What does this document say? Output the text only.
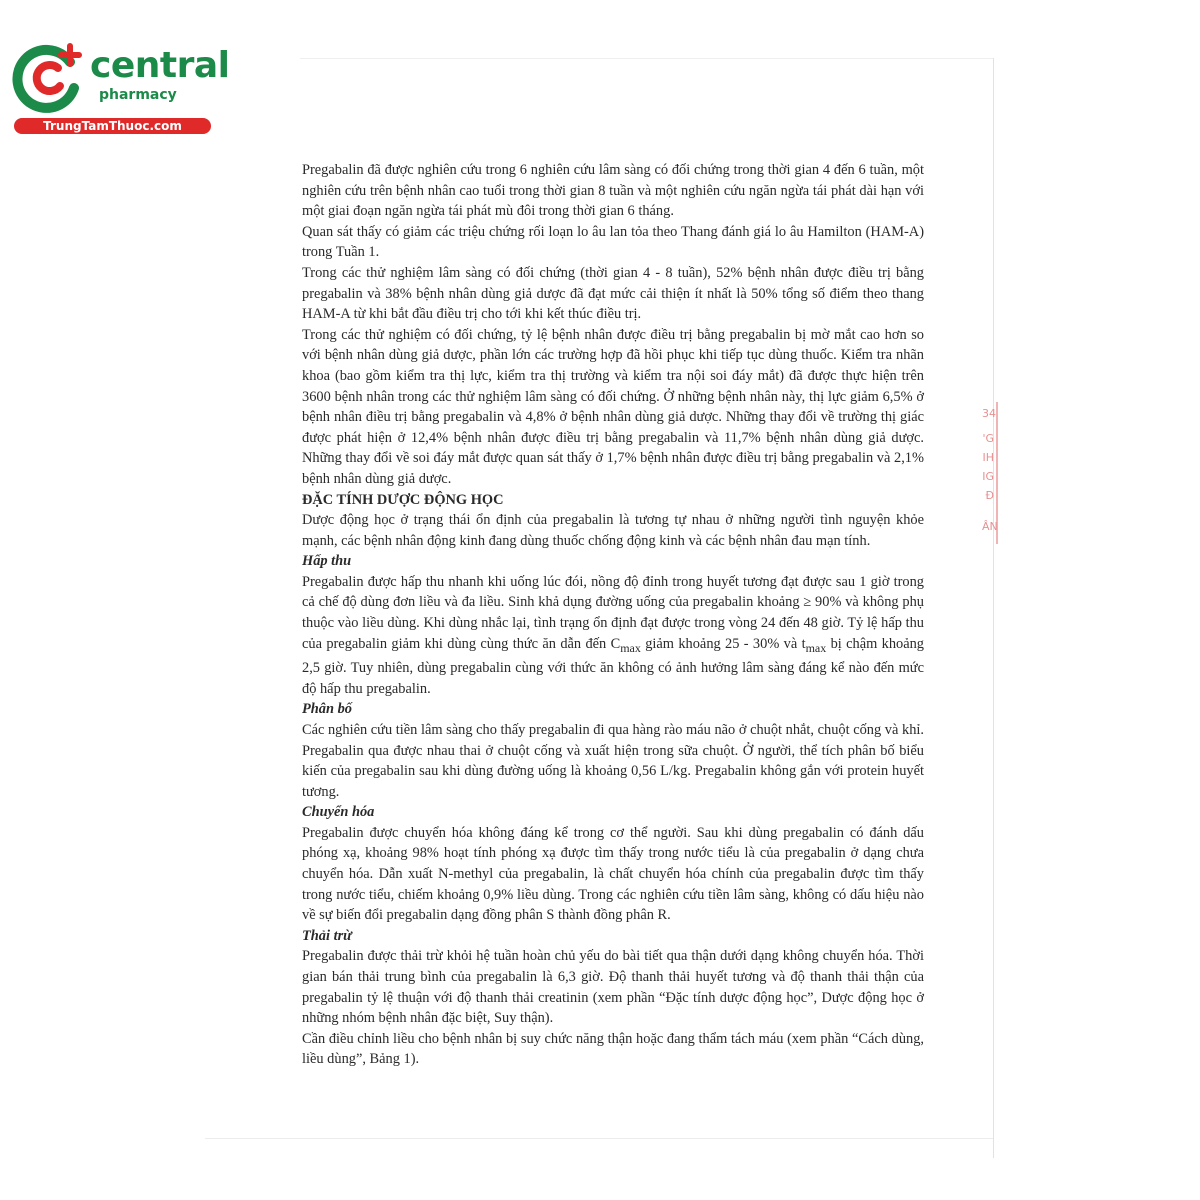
central
pharmacy
TrungTamThuoc.com
34
'G
IH
IG
Đ
ÂN

Pregabalin đã được nghiên cứu trong 6 nghiên cứu lâm sàng có đối chứng trong thời gian 4 đến 6 tuần, một nghiên cứu trên bệnh nhân cao tuổi trong thời gian 8 tuần và một nghiên cứu ngăn ngừa tái phát dài hạn với một giai đoạn ngăn ngừa tái phát mù đôi trong thời gian 6 tháng.

Quan sát thấy có giảm các triệu chứng rối loạn lo âu lan tỏa theo Thang đánh giá lo âu Hamilton (HAM-A) trong Tuần 1.

Trong các thử nghiệm lâm sàng có đối chứng (thời gian 4 - 8 tuần), 52% bệnh nhân được điều trị bằng pregabalin và 38% bệnh nhân dùng giả dược đã đạt mức cải thiện ít nhất là 50% tổng số điểm theo thang HAM-A từ khi bắt đầu điều trị cho tới khi kết thúc điều trị.

Trong các thử nghiệm có đối chứng, tỷ lệ bệnh nhân được điều trị bằng pregabalin bị mờ mắt cao hơn so với bệnh nhân dùng giả dược, phần lớn các trường hợp đã hồi phục khi tiếp tục dùng thuốc. Kiểm tra nhãn khoa (bao gồm kiểm tra thị lực, kiểm tra thị trường và kiểm tra nội soi đáy mắt) đã được thực hiện trên 3600 bệnh nhân trong các thử nghiệm lâm sàng có đối chứng. Ở những bệnh nhân này, thị lực giảm 6,5% ở bệnh nhân điều trị bằng pregabalin và 4,8% ở bệnh nhân dùng giả dược. Những thay đổi về trường thị giác được phát hiện ở 12,4% bệnh nhân được điều trị bằng pregabalin và 11,7% bệnh nhân dùng giả dược. Những thay đổi về soi đáy mắt được quan sát thấy ở 1,7% bệnh nhân được điều trị bằng pregabalin và 2,1% bệnh nhân dùng giả dược.

ĐẶC TÍNH DƯỢC ĐỘNG HỌC

Dược động học ở trạng thái ổn định của pregabalin là tương tự nhau ở những người tình nguyện khỏe mạnh, các bệnh nhân động kinh đang dùng thuốc chống động kinh và các bệnh nhân đau mạn tính.

Hấp thu

Pregabalin được hấp thu nhanh khi uống lúc đói, nồng độ đỉnh trong huyết tương đạt được sau 1 giờ trong cả chế độ dùng đơn liều và đa liều. Sinh khả dụng đường uống của pregabalin khoảng ≥ 90% và không phụ thuộc vào liều dùng. Khi dùng nhắc lại, tình trạng ổn định đạt được trong vòng 24 đến 48 giờ. Tỷ lệ hấp thu của pregabalin giảm khi dùng cùng thức ăn dẫn đến $C_{max}$ giảm khoảng 25 - 30% và $t_{max}$ bị chậm khoảng 2,5 giờ. Tuy nhiên, dùng pregabalin cùng với thức ăn không có ảnh hưởng lâm sàng đáng kể nào đến mức độ hấp thu pregabalin.

Phân bố

Các nghiên cứu tiền lâm sàng cho thấy pregabalin đi qua hàng rào máu não ở chuột nhắt, chuột cống và khỉ. Pregabalin qua được nhau thai ở chuột cống và xuất hiện trong sữa chuột. Ở người, thể tích phân bố biểu kiến của pregabalin sau khi dùng đường uống là khoảng 0,56 L/kg. Pregabalin không gắn với protein huyết tương.

Chuyển hóa

Pregabalin được chuyển hóa không đáng kể trong cơ thể người. Sau khi dùng pregabalin có đánh dấu phóng xạ, khoảng 98% hoạt tính phóng xạ được tìm thấy trong nước tiểu là của pregabalin ở dạng chưa chuyển hóa. Dẫn xuất N-methyl của pregabalin, là chất chuyển hóa chính của pregabalin được tìm thấy trong nước tiểu, chiếm khoảng 0,9% liều dùng. Trong các nghiên cứu tiền lâm sàng, không có dấu hiệu nào về sự biến đổi pregabalin dạng đồng phân S thành đồng phân R.

Thải trừ

Pregabalin được thải trừ khỏi hệ tuần hoàn chủ yếu do bài tiết qua thận dưới dạng không chuyển hóa. Thời gian bán thải trung bình của pregabalin là 6,3 giờ. Độ thanh thải huyết tương và độ thanh thải thận của pregabalin tỷ lệ thuận với độ thanh thải creatinin (xem phần “Đặc tính dược động học”, Dược động học ở những nhóm bệnh nhân đặc biệt, Suy thận).

Cần điều chỉnh liều cho bệnh nhân bị suy chức năng thận hoặc đang thẩm tách máu (xem phần “Cách dùng, liều dùng”, Bảng 1).
